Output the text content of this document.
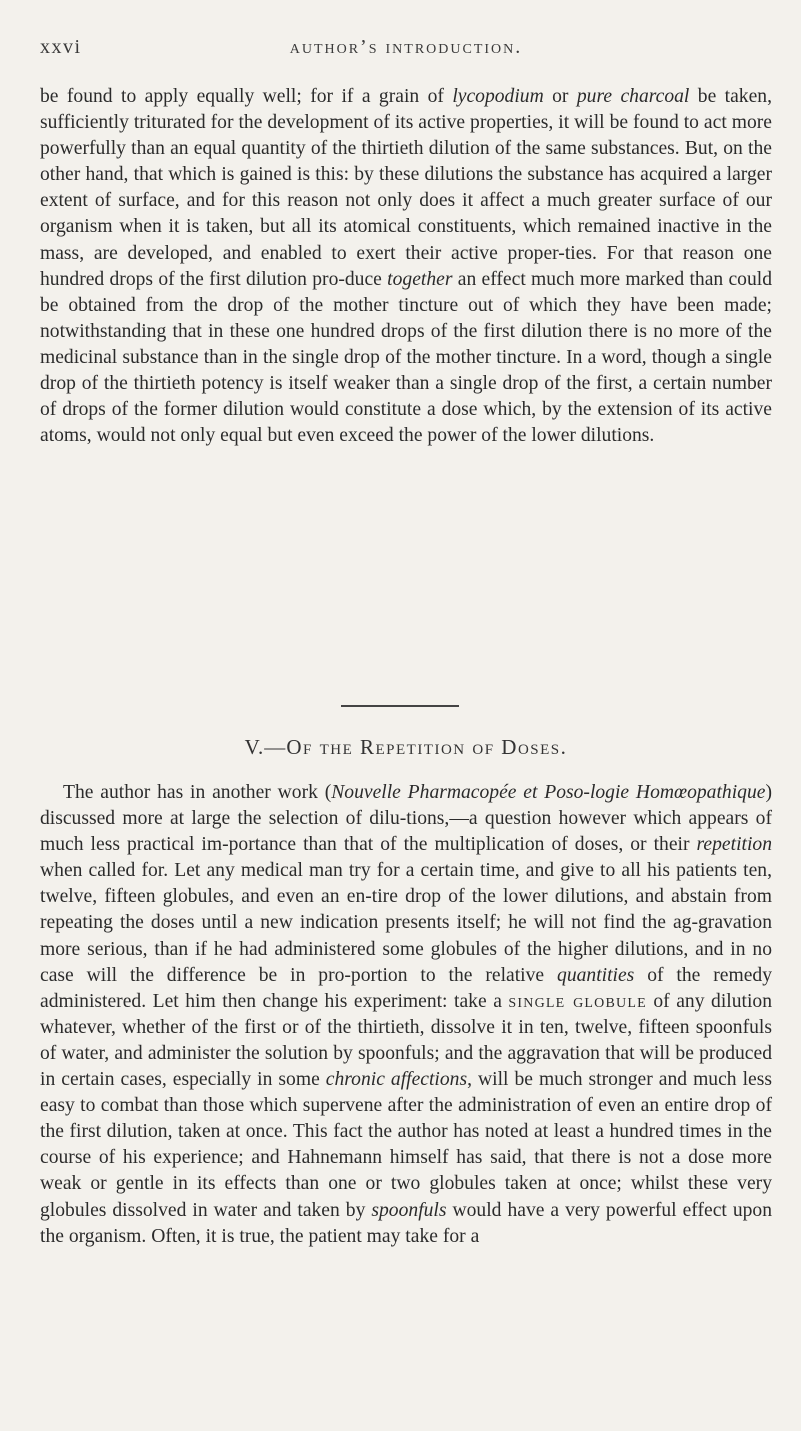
xxvi	author’s introduction.

be found to apply equally well; for if a grain of lycopodium or pure charcoal be taken, sufficiently triturated for the development of its active properties, it will be found to act more powerfully than an equal quantity of the thirtieth dilution of the same substances. But, on the other hand, that which is gained is this: by these dilutions the substance has acquired a larger extent of surface, and for this reason not only does it affect a much greater surface of our organism when it is taken, but all its atomical constituents, which remained inactive in the mass, are developed, and enabled to exert their active proper-ties. For that reason one hundred drops of the first dilution pro-duce together an effect much more marked than could be obtained from the drop of the mother tincture out of which they have been made; notwithstanding that in these one hundred drops of the first dilution there is no more of the medicinal substance than in the single drop of the mother tincture. In a word, though a single drop of the thirtieth potency is itself weaker than a single drop of the first, a certain number of drops of the former dilution would constitute a dose which, by the extension of its active atoms, would not only equal but even exceed the power of the lower dilutions.

V.—Of the Repetition of Doses.

The author has in another work (Nouvelle Pharmacopée et Poso-logie Homœopathique) discussed more at large the selection of dilu-tions,—a question however which appears of much less practical im-portance than that of the multiplication of doses, or their repetition when called for. Let any medical man try for a certain time, and give to all his patients ten, twelve, fifteen globules, and even an en-tire drop of the lower dilutions, and abstain from repeating the doses until a new indication presents itself; he will not find the ag-gravation more serious, than if he had administered some globules of the higher dilutions, and in no case will the difference be in pro-portion to the relative quantities of the remedy administered. Let him then change his experiment: take a single globule of any dilution whatever, whether of the first or of the thirtieth, dissolve it in ten, twelve, fifteen spoonfuls of water, and administer the solution by spoonfuls; and the aggravation that will be produced in certain cases, especially in some chronic affections, will be much stronger and much less easy to combat than those which supervene after the administration of even an entire drop of the first dilution, taken at once. This fact the author has noted at least a hundred times in the course of his experience; and Hahnemann himself has said, that there is not a dose more weak or gentle in its effects than one or two globules taken at once; whilst these very globules dissolved in water and taken by spoonfuls would have a very powerful effect upon the organism. Often, it is true, the patient may take for a
